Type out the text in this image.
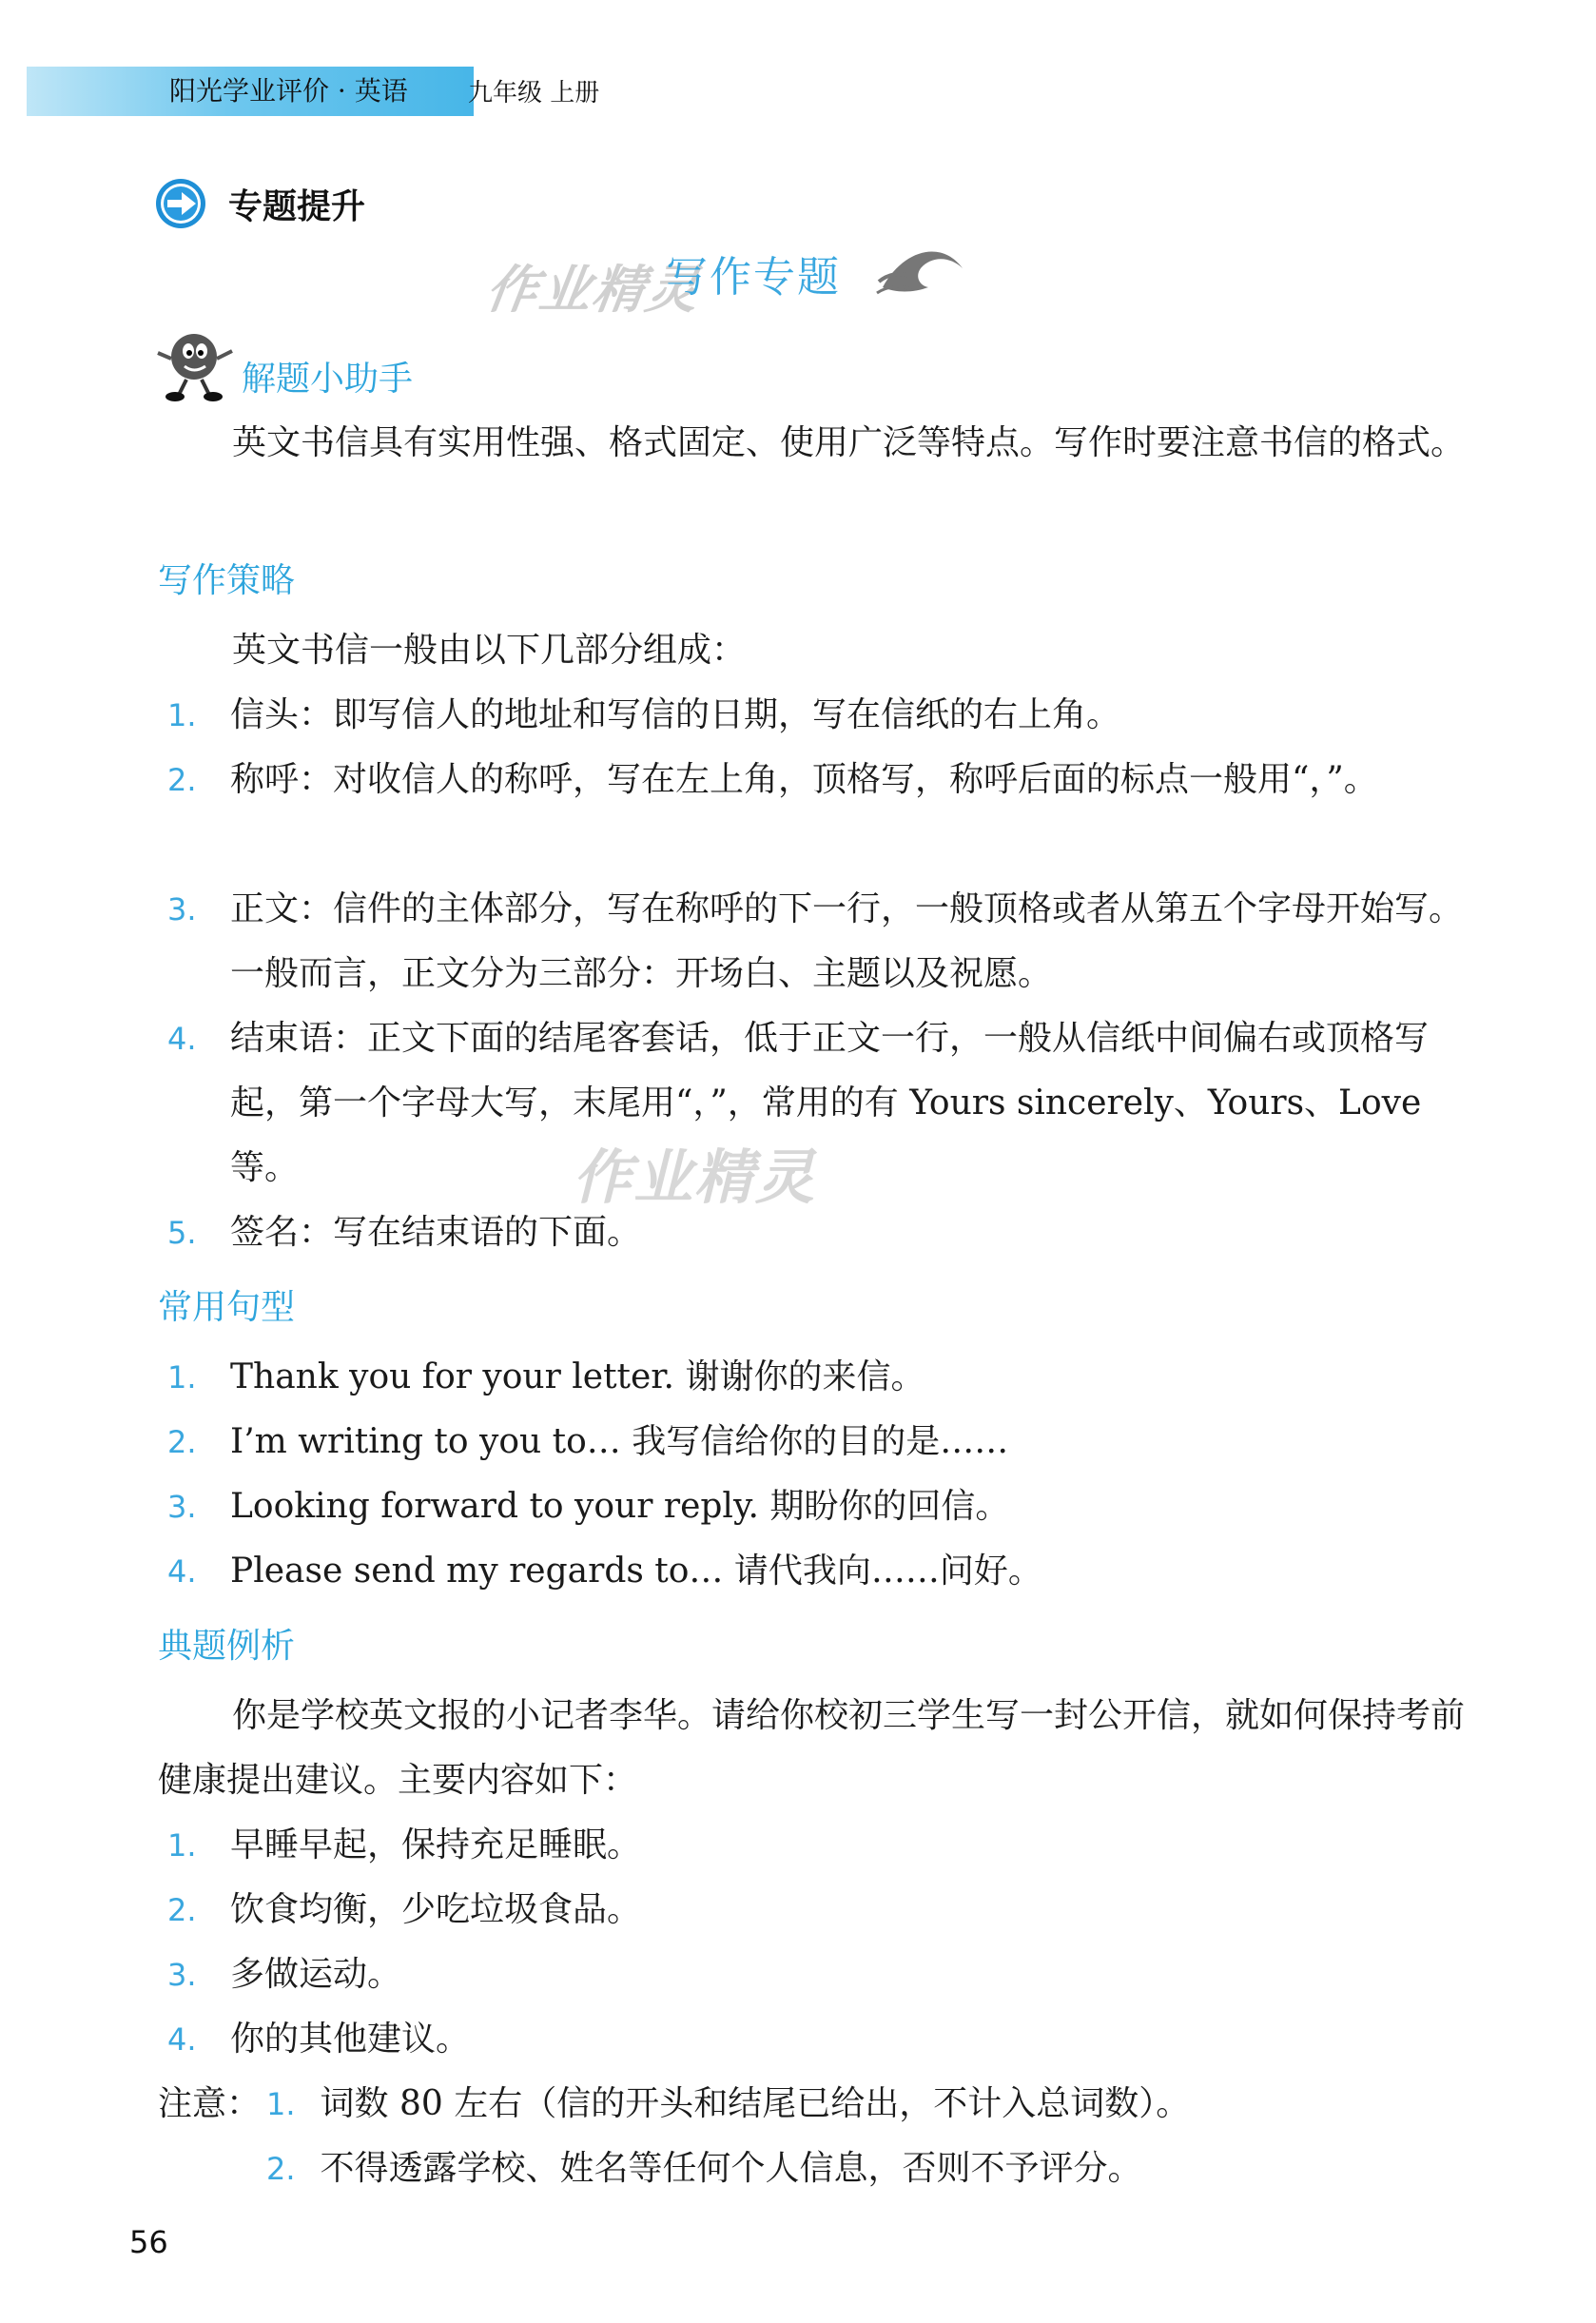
阳光学业评价 · 英语 九年级 上册
专题提升
作业精灵
写作专题
解题小助手
英文书信具有实用性强、格式固定、使用广泛等特点。写作时要注意书信的格式。
写作策略
英文书信一般由以下几部分组成：
1. 信头：即写信人的地址和写信的日期，写在信纸的右上角。
2. 称呼：对收信人的称呼，写在左上角，顶格写，称呼后面的标点一般用“，”。
3. 正文：信件的主体部分，写在称呼的下一行，一般顶格或者从第五个字母开始写。一般而言，正文分为三部分：开场白、主题以及祝愿。
4. 结束语：正文下面的结尾客套话，低于正文一行，一般从信纸中间偏右或顶格写起，第一个字母大写，末尾用“，”，常用的有 Yours sincerely、Yours、Love 等。	作业精灵
5. 签名：写在结束语的下面。
常用句型
1. Thank you for your letter. 谢谢你的来信。
2. I’m writing to you to… 我写信给你的目的是……
3. Looking forward to your reply. 期盼你的回信。
4. Please send my regards to… 请代我向……问好。
典题例析
你是学校英文报的小记者李华。请给你校初三学生写一封公开信，就如何保持考前健康提出建议。主要内容如下：
1. 早睡早起，保持充足睡眠。
2. 饮食均衡，少吃垃圾食品。
3. 多做运动。
4. 你的其他建议。
注意： 1. 词数 80 左右（信的开头和结尾已给出，不计入总词数）。
2. 不得透露学校、姓名等任何个人信息，否则不予评分。
56
